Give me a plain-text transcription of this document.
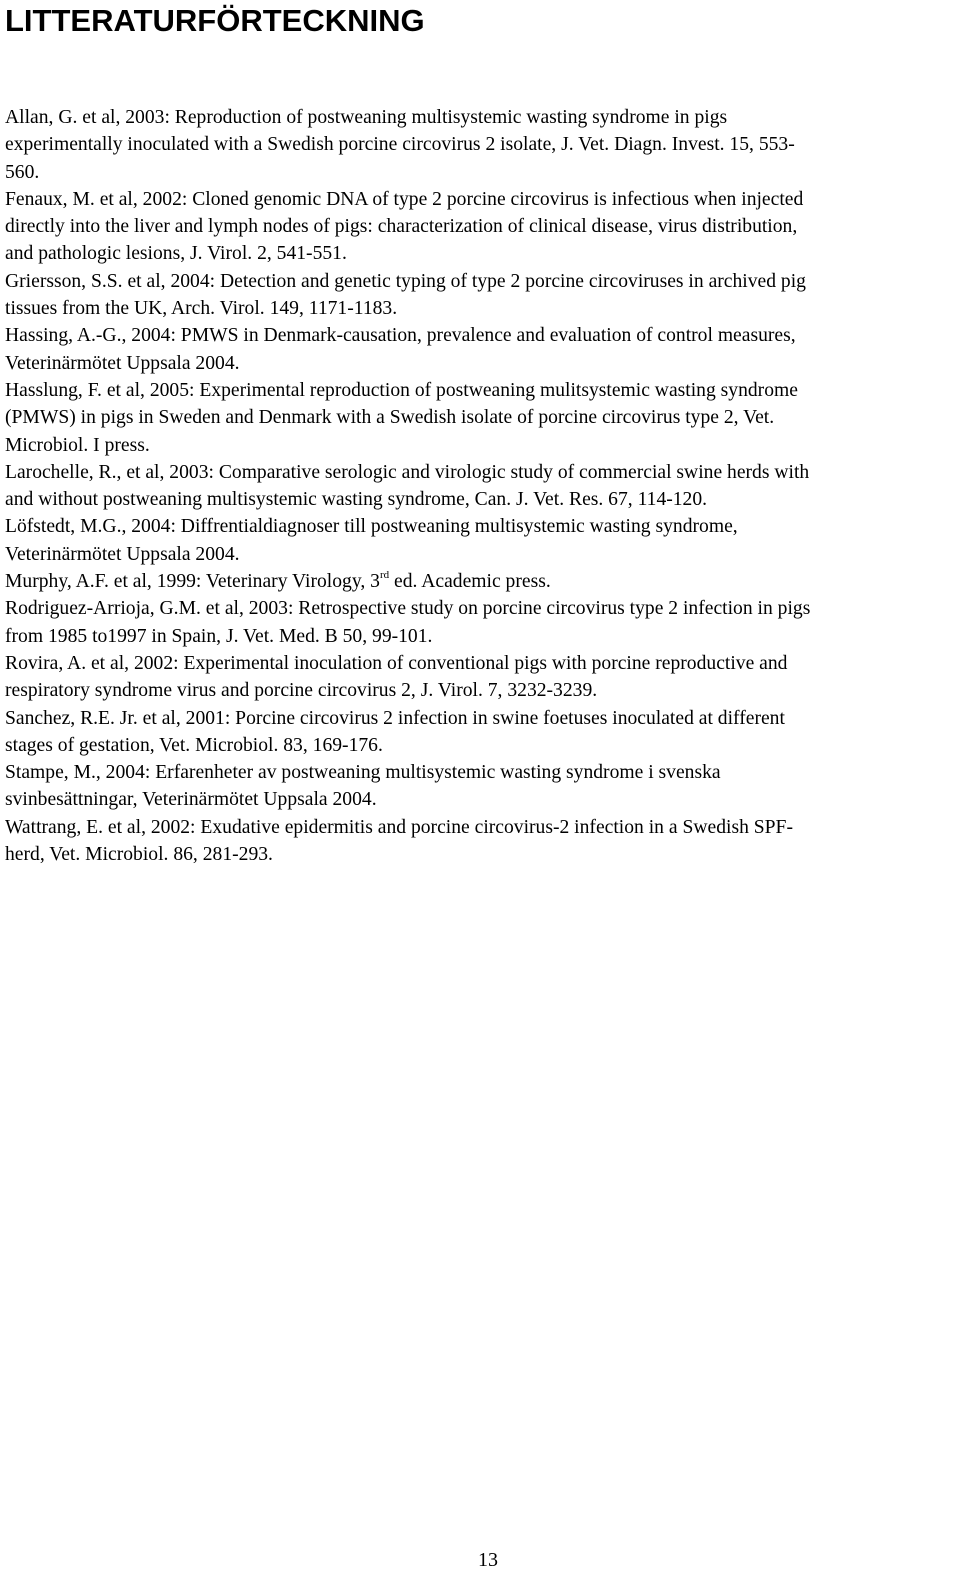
LITTERATURFÖRTECKNING
Allan, G. et al, 2003: Reproduction of postweaning multisystemic wasting syndrome in pigs
experimentally inoculated with a Swedish porcine circovirus 2 isolate, J. Vet. Diagn. Invest. 15, 553-
560.
Fenaux, M. et al, 2002: Cloned genomic DNA of type 2 porcine circovirus is infectious when injected
directly into the liver and lymph nodes of pigs: characterization of clinical disease, virus distribution,
and pathologic lesions, J. Virol. 2, 541-551.
Griersson, S.S. et al, 2004: Detection and genetic typing of type 2 porcine circoviruses in archived pig
tissues from the UK, Arch. Virol. 149, 1171-1183.
Hassing, A.-G., 2004: PMWS in Denmark-causation, prevalence and evaluation of control measures,
Veterinärmötet Uppsala 2004.
Hasslung, F. et al, 2005: Experimental reproduction of postweaning mulitsystemic wasting syndrome
(PMWS) in pigs in Sweden and Denmark with a Swedish isolate of porcine circovirus type 2, Vet.
Microbiol. I press.
Larochelle, R., et al, 2003: Comparative serologic and virologic study of commercial swine herds with
and without postweaning multisystemic wasting syndrome, Can. J. Vet. Res. 67, 114-120.
Löfstedt, M.G., 2004: Diffrentialdiagnoser till postweaning multisystemic wasting syndrome,
Veterinärmötet Uppsala 2004.
Murphy, A.F. et al, 1999: Veterinary Virology, 3rd ed. Academic press.
Rodriguez-Arrioja, G.M. et al, 2003: Retrospective study on porcine circovirus type 2 infection in pigs
from 1985 to1997 in Spain, J. Vet. Med. B 50, 99-101.
Rovira, A. et al, 2002: Experimental inoculation of conventional pigs with porcine reproductive and
respiratory syndrome virus and porcine circovirus 2, J. Virol. 7, 3232-3239.
Sanchez, R.E. Jr. et al, 2001: Porcine circovirus 2 infection in swine foetuses inoculated at different
stages of gestation, Vet. Microbiol. 83, 169-176.
Stampe, M., 2004: Erfarenheter av postweaning multisystemic wasting syndrome i svenska
svinbesättningar, Veterinärmötet Uppsala 2004.
Wattrang, E. et al, 2002: Exudative epidermitis and porcine circovirus-2 infection in a Swedish SPF-
herd, Vet. Microbiol. 86, 281-293.
13
